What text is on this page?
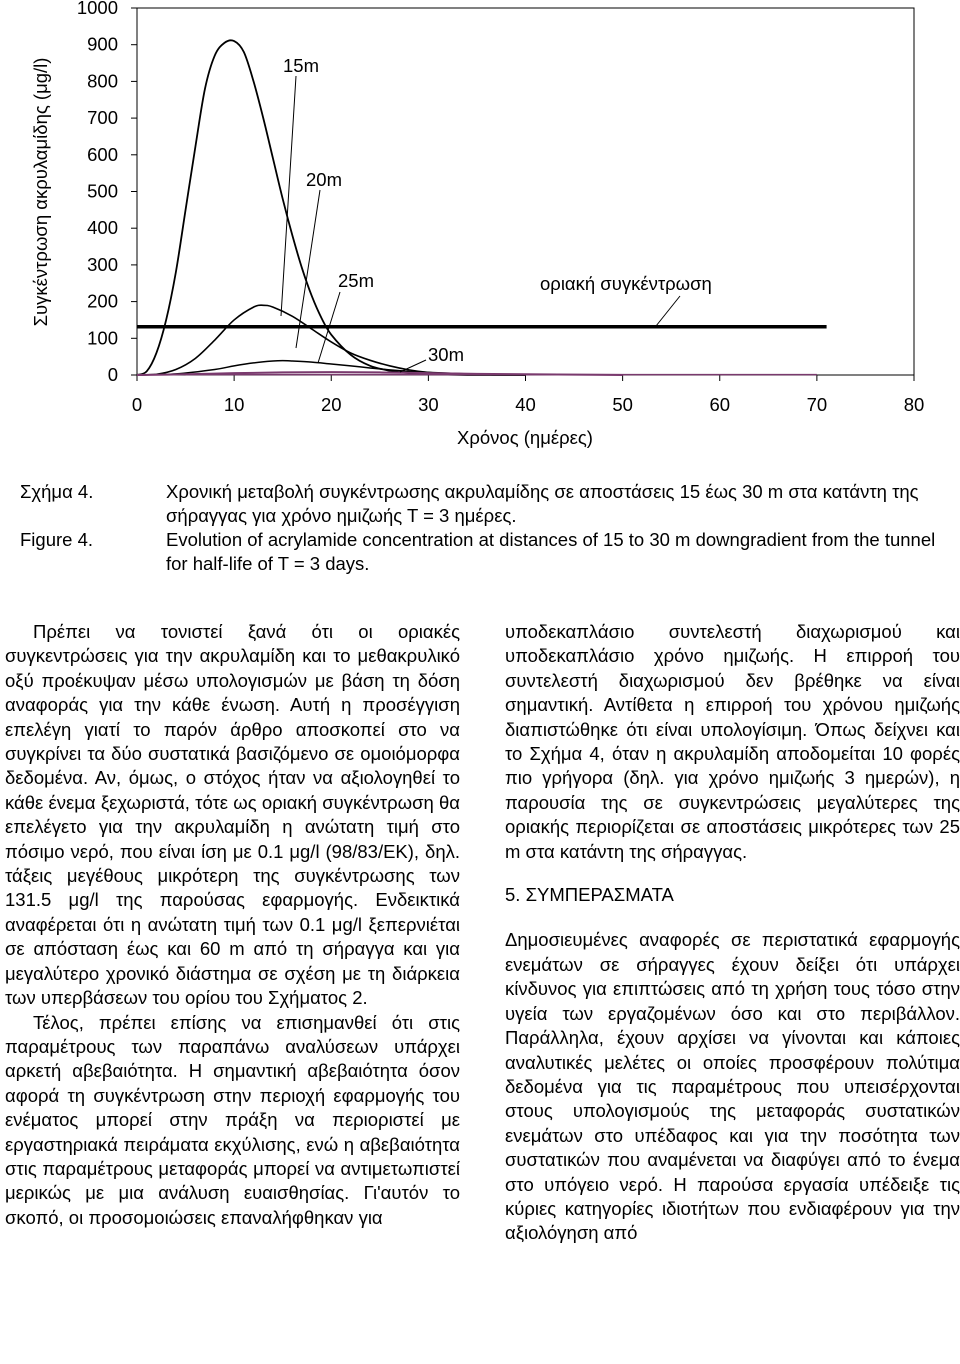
0
100
200
300
400
500
600
700
800
900
1000
0	10	20	30	40	50	60	70	80
15m
20m
25m
30m
οριακή συγκέντρωση
Συγκέντρωση ακρυλαμίδης (μg/l)
Χρόνος (ημέρες)
Σχήμα 4.
Figure 4.
Χρονική μεταβολή συγκέντρωσης ακρυλαμίδης σε αποστάσεις 15 έως 30 m στα κατάντη της σήραγγας για χρόνο ημιζωής Τ = 3 ημέρες.
Evolution of acrylamide concentration at distances of 15 to 30 m downgradient from the tunnel for half-life of T = 3 days.

Πρέπει να τονιστεί ξανά ότι οι οριακές συγκεντρώσεις για την ακρυλαμίδη και το μεθακρυλικό οξύ προέκυψαν μέσω υπολογισμών με βάση τη δόση αναφοράς για την κάθε ένωση. Αυτή η προσέγγιση επελέγη γιατί το παρόν άρθρο αποσκοπεί στο να συγκρίνει τα δύο συστατικά βασιζόμενο σε ομοιόμορφα δεδομένα. Αν, όμως, ο στόχος ήταν να αξιολογηθεί το κάθε ένεμα ξεχωριστά, τότε ως οριακή συγκέντρωση θα επελέγετο για την ακρυλαμίδη η ανώτατη τιμή στο πόσιμο νερό, που είναι ίση με 0.1 μg/l (98/83/ΕΚ), δηλ. τάξεις μεγέθους μικρότερη της συγκέντρωσης των 131.5 μg/l της παρούσας εφαρμογής. Ενδεικτικά αναφέρεται ότι η ανώτατη τιμή των 0.1 μg/l ξεπερνιέται σε απόσταση έως και 60 m από τη σήραγγα και για μεγαλύτερο χρονικό διάστημα σε σχέση με τη διάρκεια των υπερβάσεων του ορίου του Σχήματος 2.

Τέλος, πρέπει επίσης να επισημανθεί ότι στις παραμέτρους των παραπάνω αναλύσεων υπάρχει αρκετή αβεβαιότητα. Η σημαντική αβεβαιότητα όσον αφορά τη συγκέντρωση στην περιοχή εφαρμογής του ενέματος μπορεί στην πράξη να περιοριστεί με εργαστηριακά πειράματα εκχύλισης, ενώ η αβεβαιότητα στις παραμέτρους μεταφοράς μπορεί να αντιμετωπιστεί μερικώς με μια ανάλυση ευαισθησίας. Γι'αυτόν το σκοπό, οι προσομοιώσεις επαναλήφθηκαν για

υποδεκαπλάσιο συντελεστή διαχωρισμού και υποδεκαπλάσιο χρόνο ημιζωής. Η επιρροή του συντελεστή διαχωρισμού δεν βρέθηκε να είναι σημαντική. Αντίθετα η επιρροή του χρόνου ημιζωής διαπιστώθηκε ότι είναι υπολογίσιμη. Όπως δείχνει και το Σχήμα 4, όταν η ακρυλαμίδη αποδομείται 10 φορές πιο γρήγορα (δηλ. για χρόνο ημιζωής 3 ημερών), η παρουσία της σε συγκεντρώσεις μεγαλύτερες της οριακής περιορίζεται σε αποστάσεις μικρότερες των 25 m στα κατάντη της σήραγγας.

5. ΣΥΜΠΕΡΑΣΜΑΤΑ

Δημοσιευμένες αναφορές σε περιστατικά εφαρμογής ενεμάτων σε σήραγγες έχουν δείξει ότι υπάρχει κίνδυνος για επιπτώσεις από τη χρήση τους τόσο στην υγεία των εργαζομένων όσο και στο περιβάλλον. Παράλληλα, έχουν αρχίσει να γίνονται και κάποιες αναλυτικές μελέτες οι οποίες προσφέρουν πολύτιμα δεδομένα για τις παραμέτρους που υπεισέρχονται στους υπολογισμούς της μεταφοράς συστατικών ενεμάτων στο υπέδαφος και για την ποσότητα των συστατικών που αναμένεται να διαφύγει από το ένεμα στο υπόγειο νερό. Η παρούσα εργασία υπέδειξε τις κύριες κατηγορίες ιδιοτήτων που ενδιαφέρουν για την αξιολόγηση από
